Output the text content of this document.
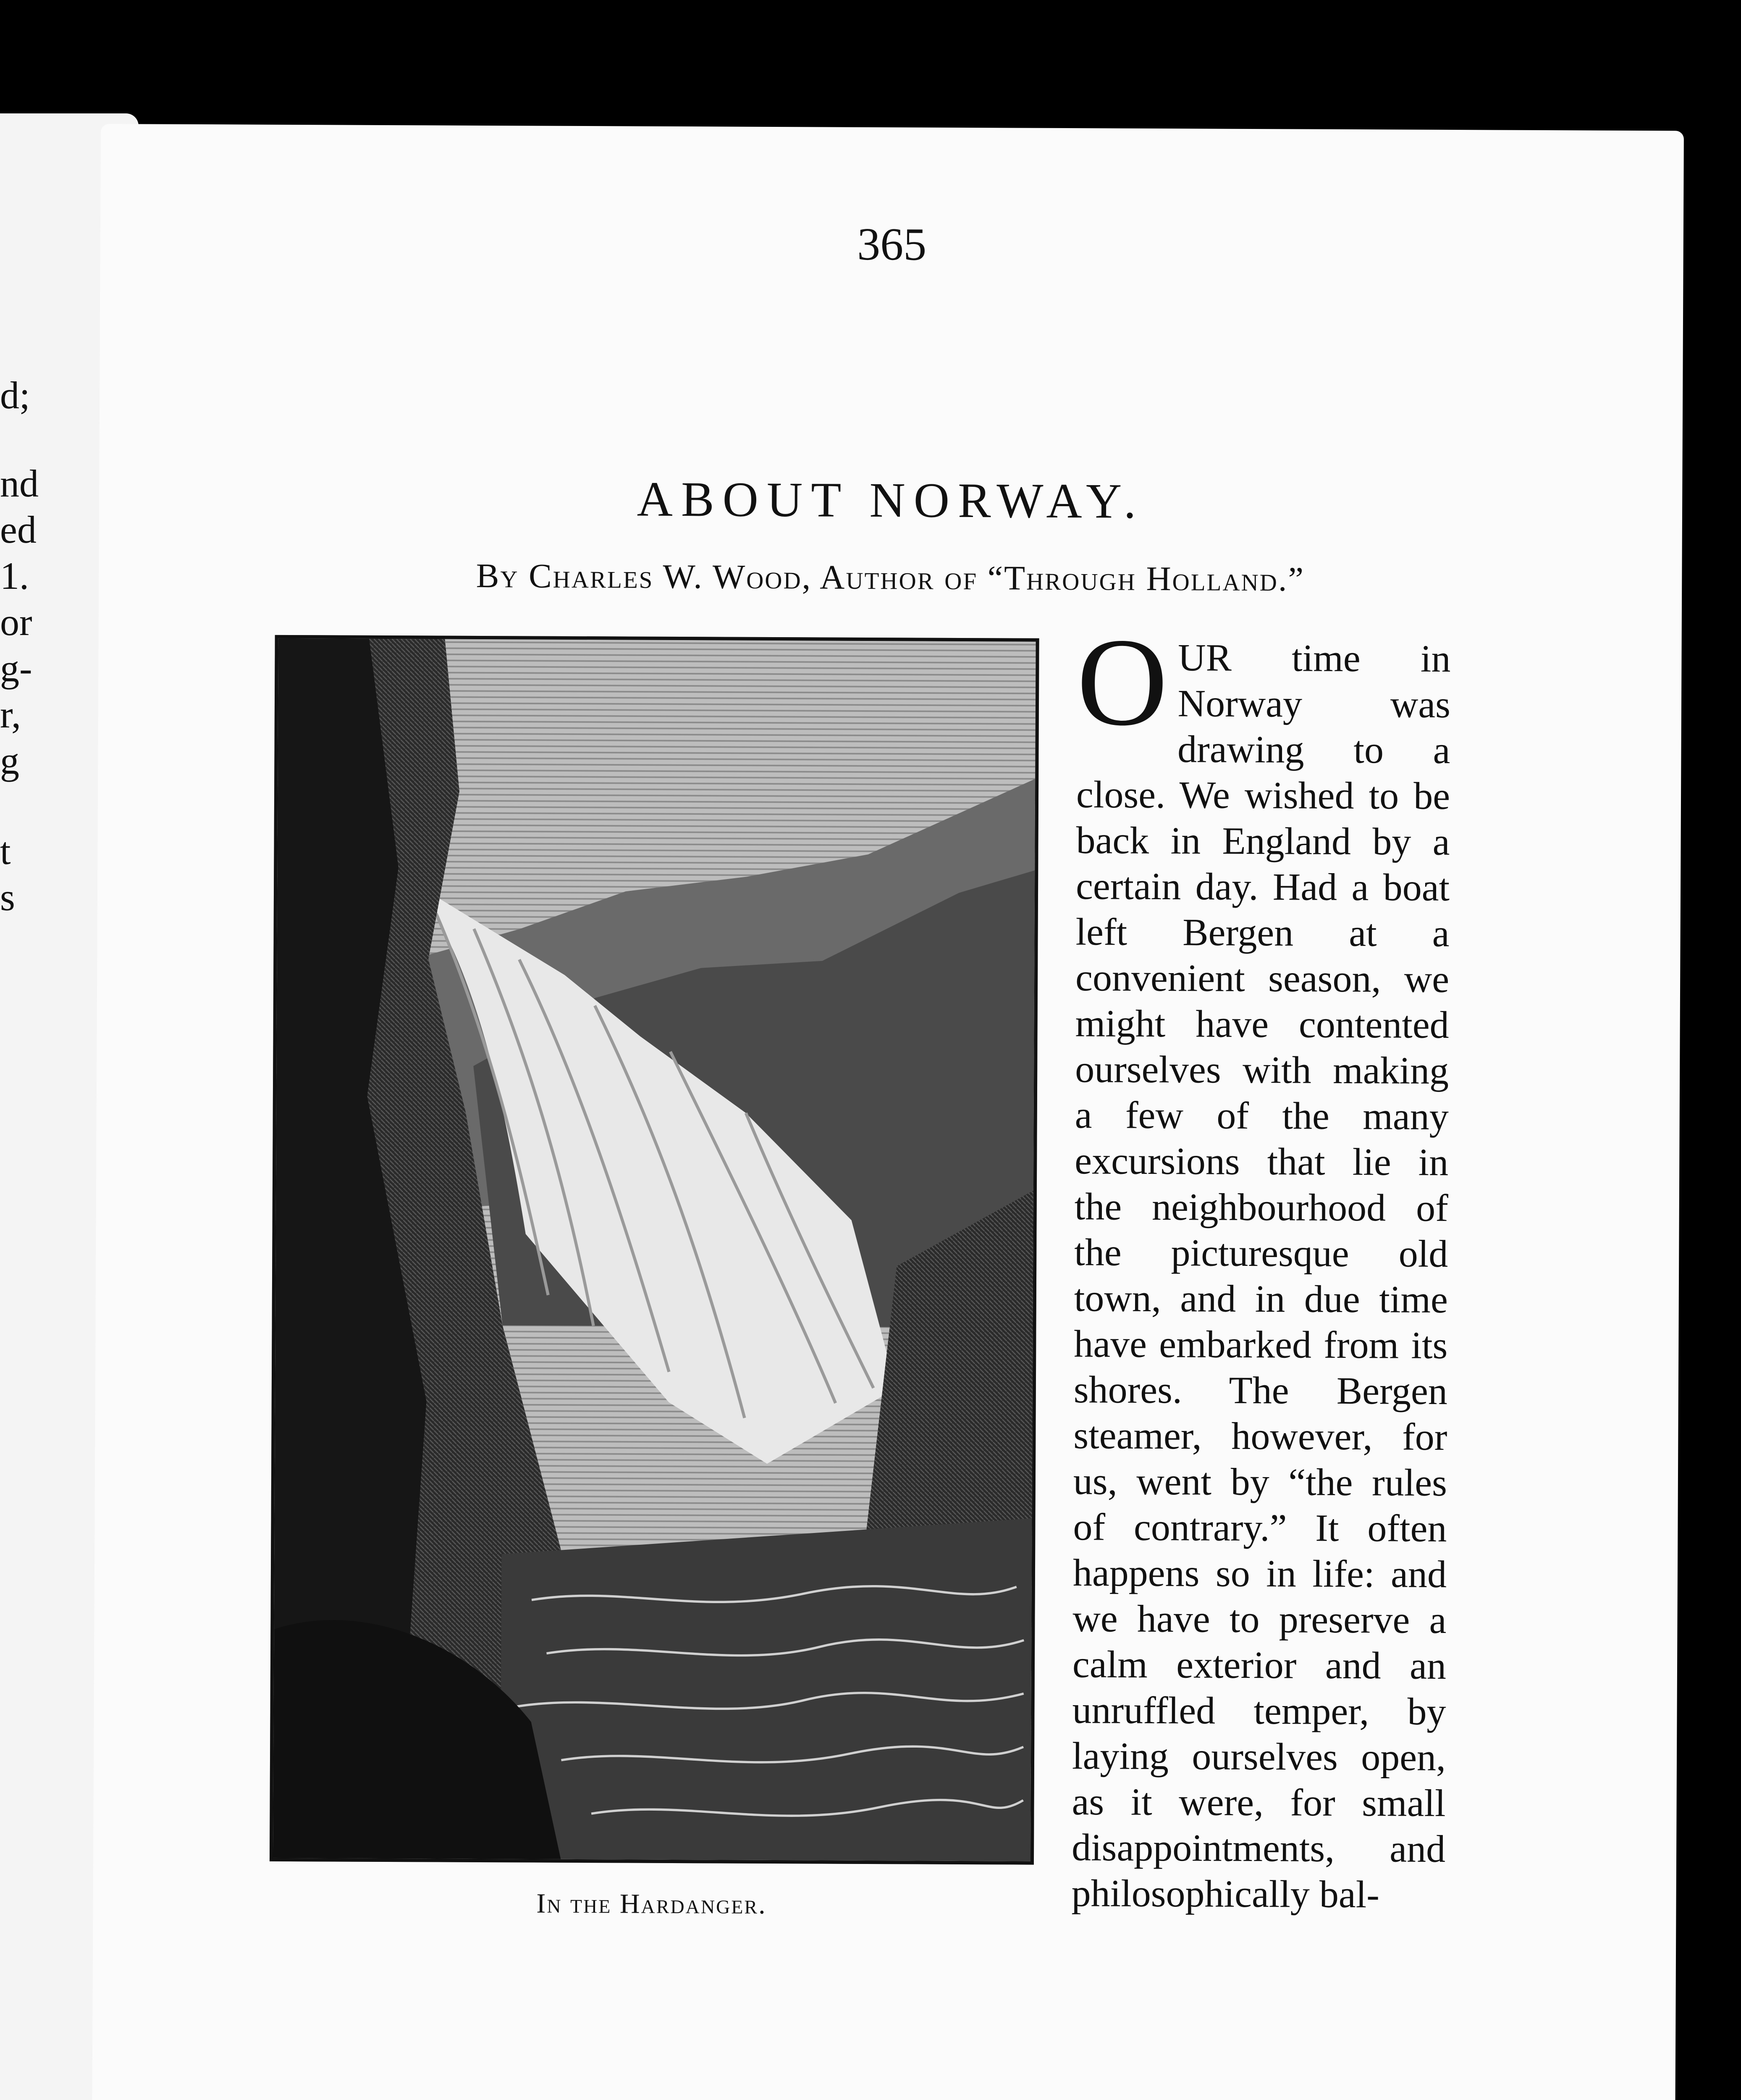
d;

nd

ed

1.

or

g-

r,

g

t

s

365

ABOUT NORWAY.

By Charles W. Wood, Author of “Through Holland.”

In the Hardanger.

OUR time in Norway was drawing to a close. We wished to be back in England by a certain day. Had a boat left Bergen at a convenient season, we might have contented ourselves with making a few of the many excursions that lie in the neighbourhood of the picturesque old town, and in due time have embarked from its shores. The Bergen steamer, however, for us, went by “the rules of contrary.” It often happens so in life: and we have to preserve a calm exterior and an unruffled temper, by laying ourselves open, as it were, for small disappointments, and philosophically bal-
